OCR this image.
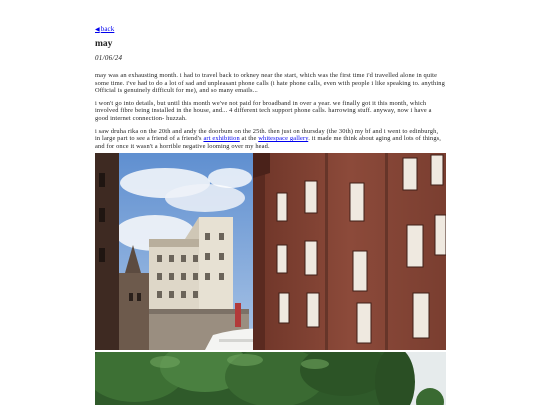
◀back
may

01/06/24

may was an exhausting month. i had to travel back to orkney near the start, which was the first time i'd travelled alone in quite some time. i've had to do a lot of sad and unpleasant phone calls (i hate phone calls, even with people i like speaking to. anything Official is genuinely difficult for me), and so many emails...

i won't go into details, but until this month we've not paid for broadband in over a year. we finally got it this month, which involved fibre being installed in the house, and... 4 different tech support phone calls. harrowing stuff. anyway, now i have a good internet connection- huzzah.

i saw druha rika on the 20th and andy the doorbum on the 25th. then just on thursday (the 30th) my bf and i went to edinburgh, in large part to see a friend of a friend's art exhibition at the whitespace gallery. it made me think about aging and lots of things, and for once it wasn't a horrible negative looming over my head.
